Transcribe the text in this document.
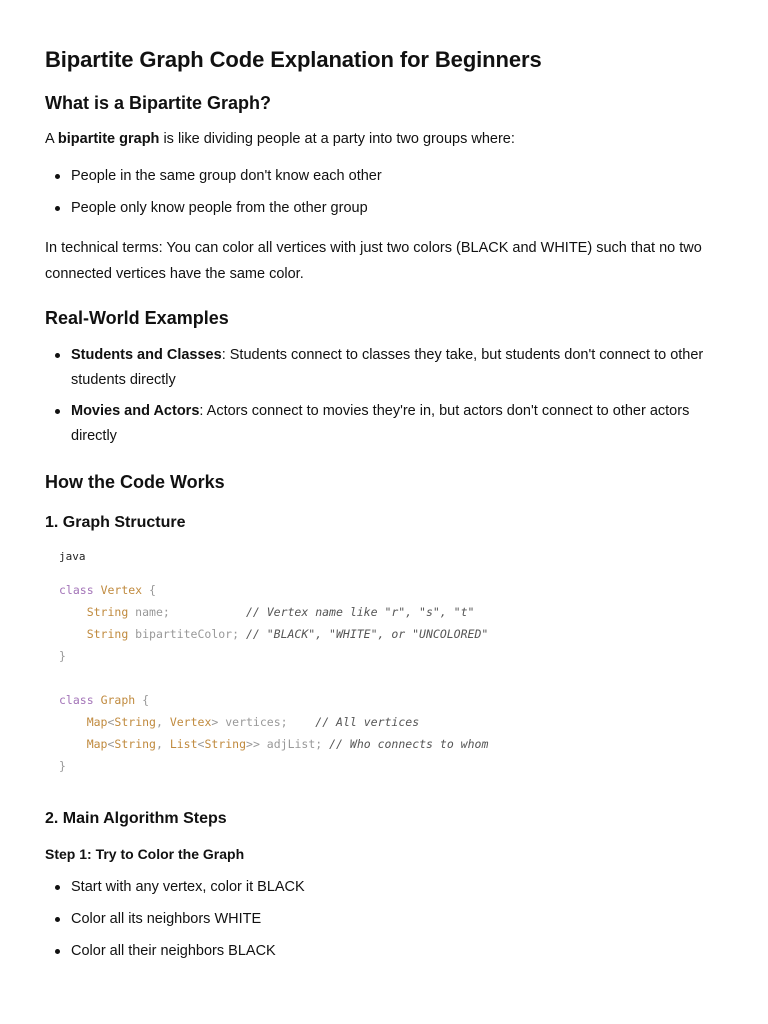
Bipartite Graph Code Explanation for Beginners
What is a Bipartite Graph?

A bipartite graph is like dividing people at a party into two groups where:

People in the same group don't know each other
People only know people from the other group

In technical terms: You can color all vertices with just two colors (BLACK and WHITE) such that no two connected vertices have the same color.

Real-World Examples
Students and Classes: Students connect to classes they take, but students don't connect to other students directly
Movies and Actors: Actors connect to movies they're in, but actors don't connect to other actors directly
How the Code Works
1. Graph Structure
java
class Vertex {
String name;	// Vertex name like "r", "s", "t"
String bipartiteColor; // "BLACK", "WHITE", or "UNCOLORED"
}

class Graph {
Map<String, Vertex> vertices; // All vertices
Map<String, List<String>> adjList; // Who connects to whom
}
2. Main Algorithm Steps
Step 1: Try to Color the Graph
Start with any vertex, color it BLACK
Color all its neighbors WHITE
Color all their neighbors BLACK
